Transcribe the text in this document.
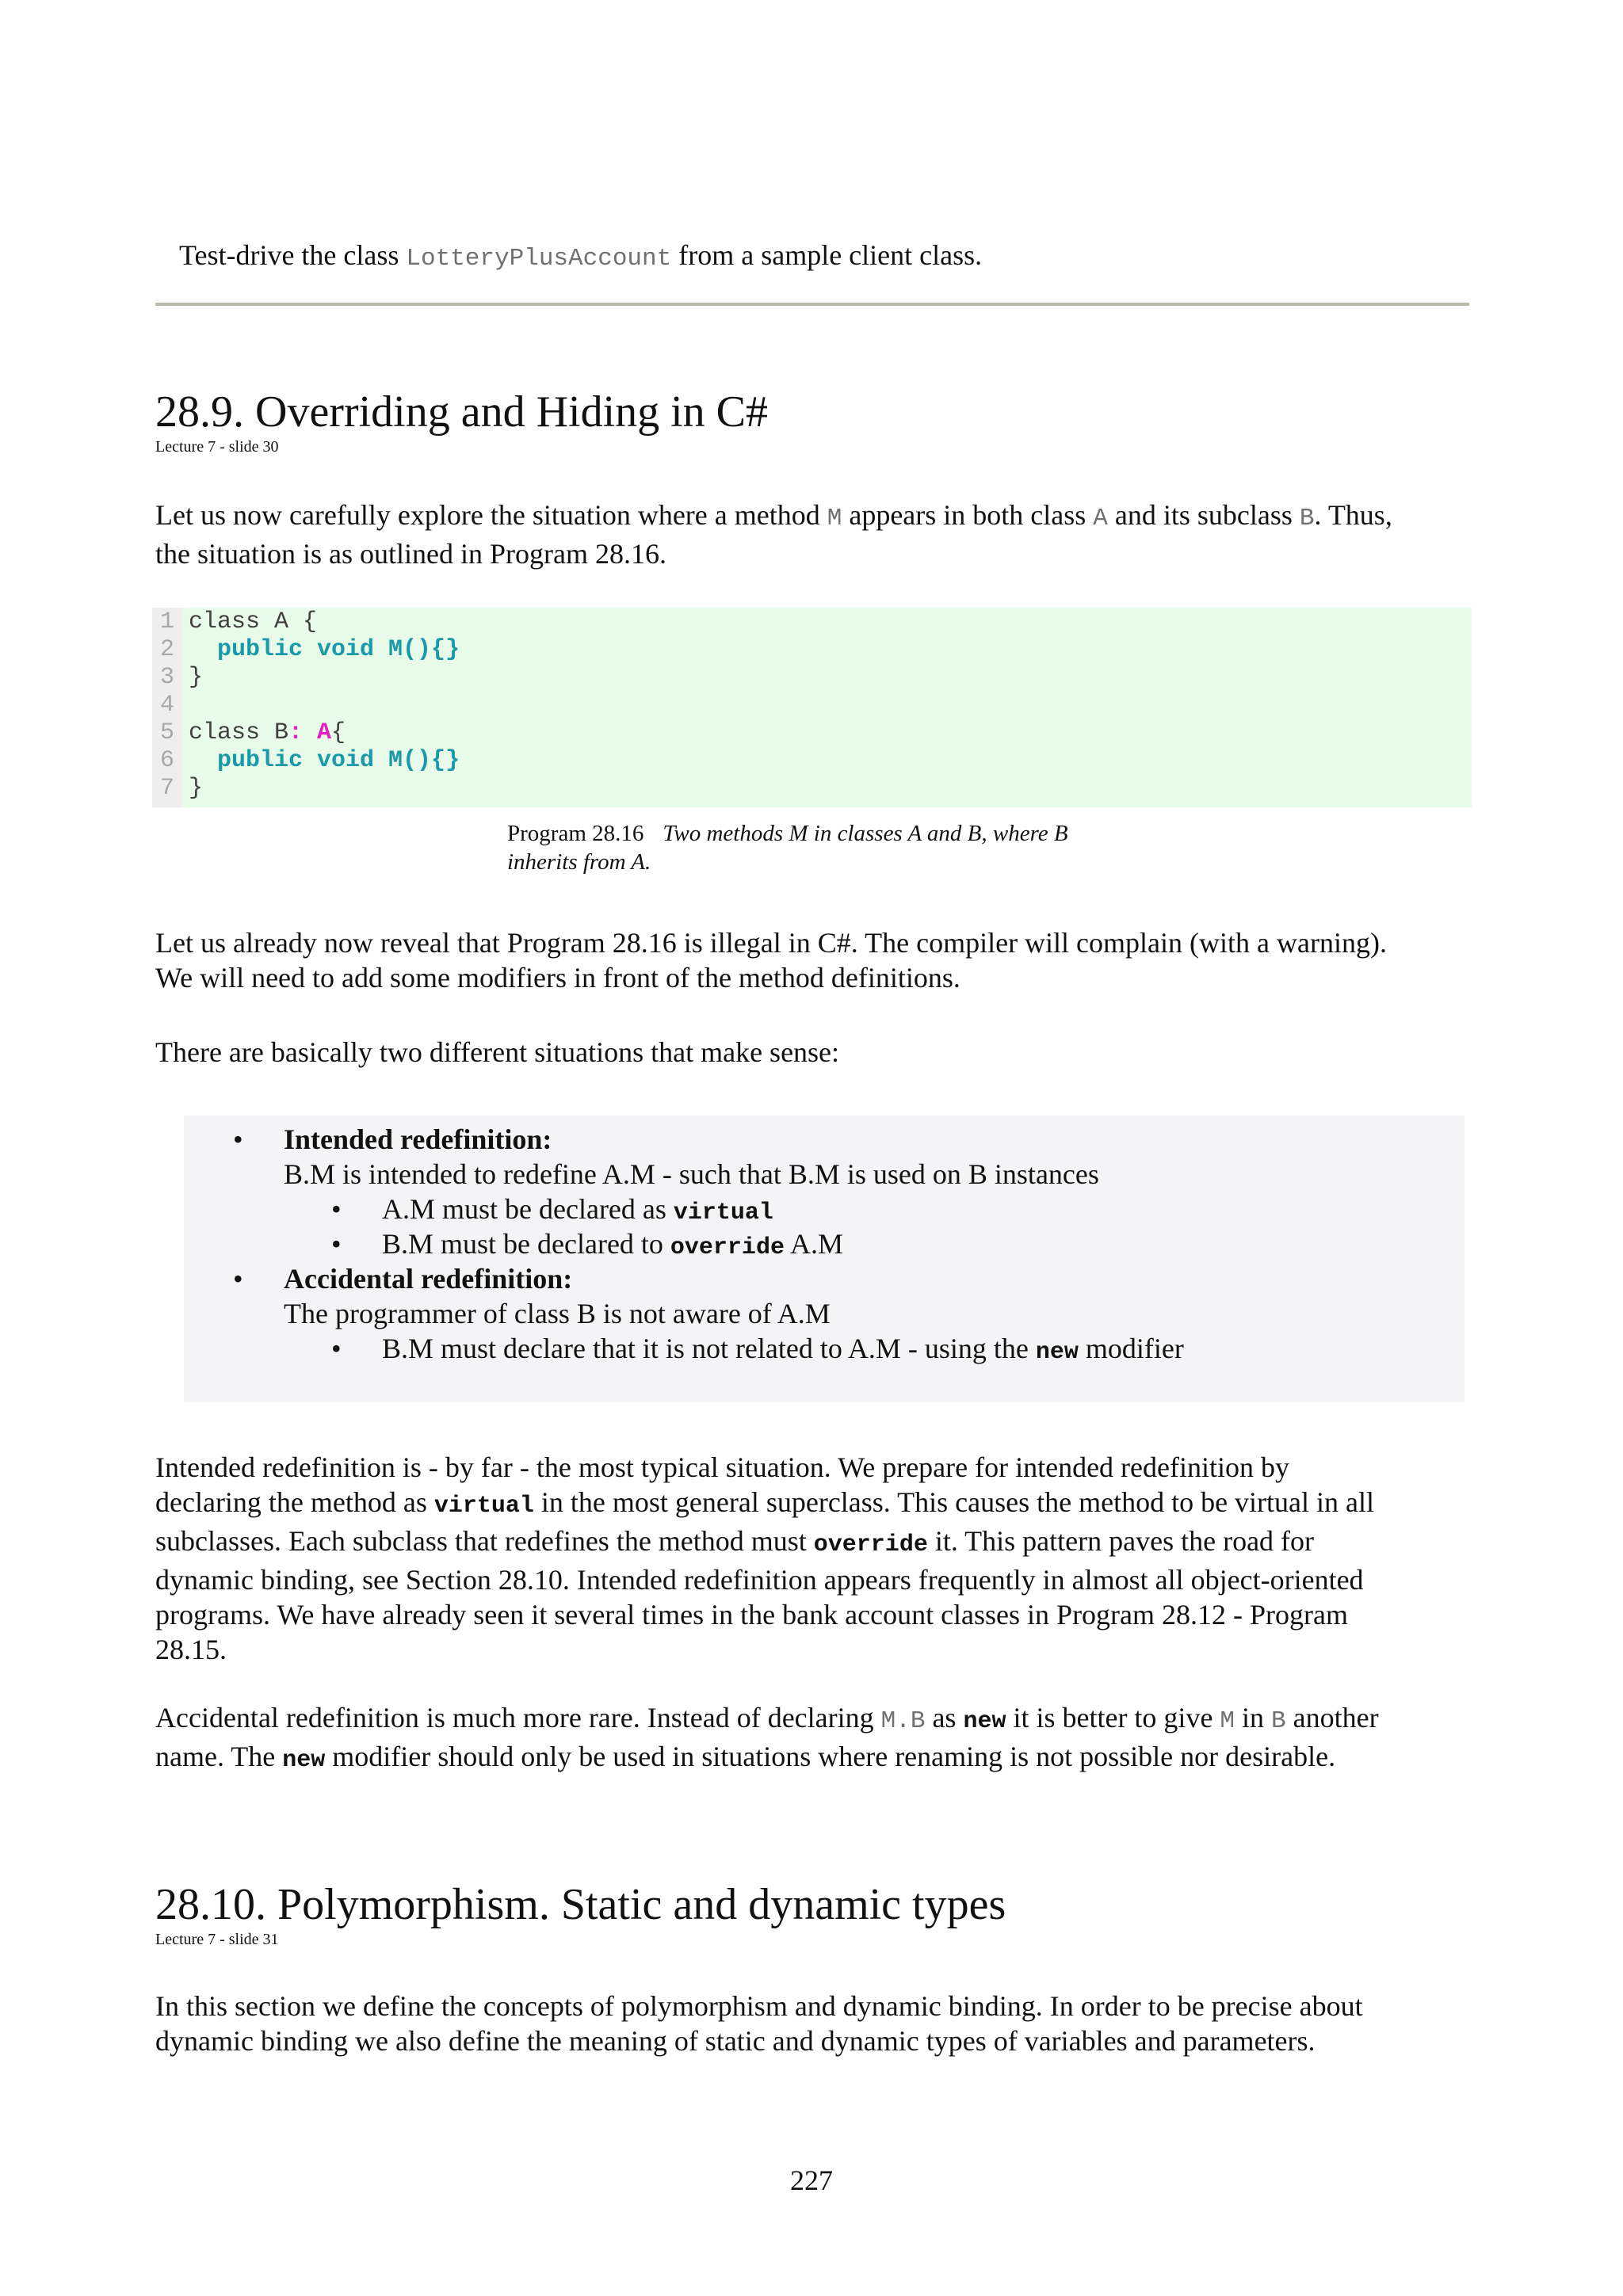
Test-drive the class LotteryPlusAccount from a sample client class.

28.9. Overriding and Hiding in C#
Lecture 7 - slide 30
Let us now carefully explore the situation where a method M appears in both class A and its subclass B. Thus,
the situation is as outlined in Program 28.16.
1 class A {
2	public void M(){}
3 }
4
5 class B: A{
6	public void M(){}
7 }
Program 28.16 Two methods M in classes A and B, where B
inherits from A.
Let us already now reveal that Program 28.16 is illegal in C#. The compiler will complain (with a warning).
We will need to add some modifiers in front of the method definitions.

There are basically two different situations that make sense:

• Intended redefinition:
B.M is intended to redefine A.M - such that B.M is used on B instances
• A.M must be declared as virtual
• B.M must be declared to override A.M
• Accidental redefinition:
The programmer of class B is not aware of A.M
• B.M must declare that it is not related to A.M - using the new modifier
Intended redefinition is - by far - the most typical situation. We prepare for intended redefinition by
declaring the method as virtual in the most general superclass. This causes the method to be virtual in all
subclasses. Each subclass that redefines the method must override it. This pattern paves the road for
dynamic binding, see Section 28.10. Intended redefinition appears frequently in almost all object-oriented
programs. We have already seen it several times in the bank account classes in Program 28.12 - Program
28.15.
Accidental redefinition is much more rare. Instead of declaring M.B as new it is better to give M in B another
name. The new modifier should only be used in situations where renaming is not possible nor desirable.
28.10. Polymorphism. Static and dynamic types
Lecture 7 - slide 31
In this section we define the concepts of polymorphism and dynamic binding. In order to be precise about
dynamic binding we also define the meaning of static and dynamic types of variables and parameters.
227
